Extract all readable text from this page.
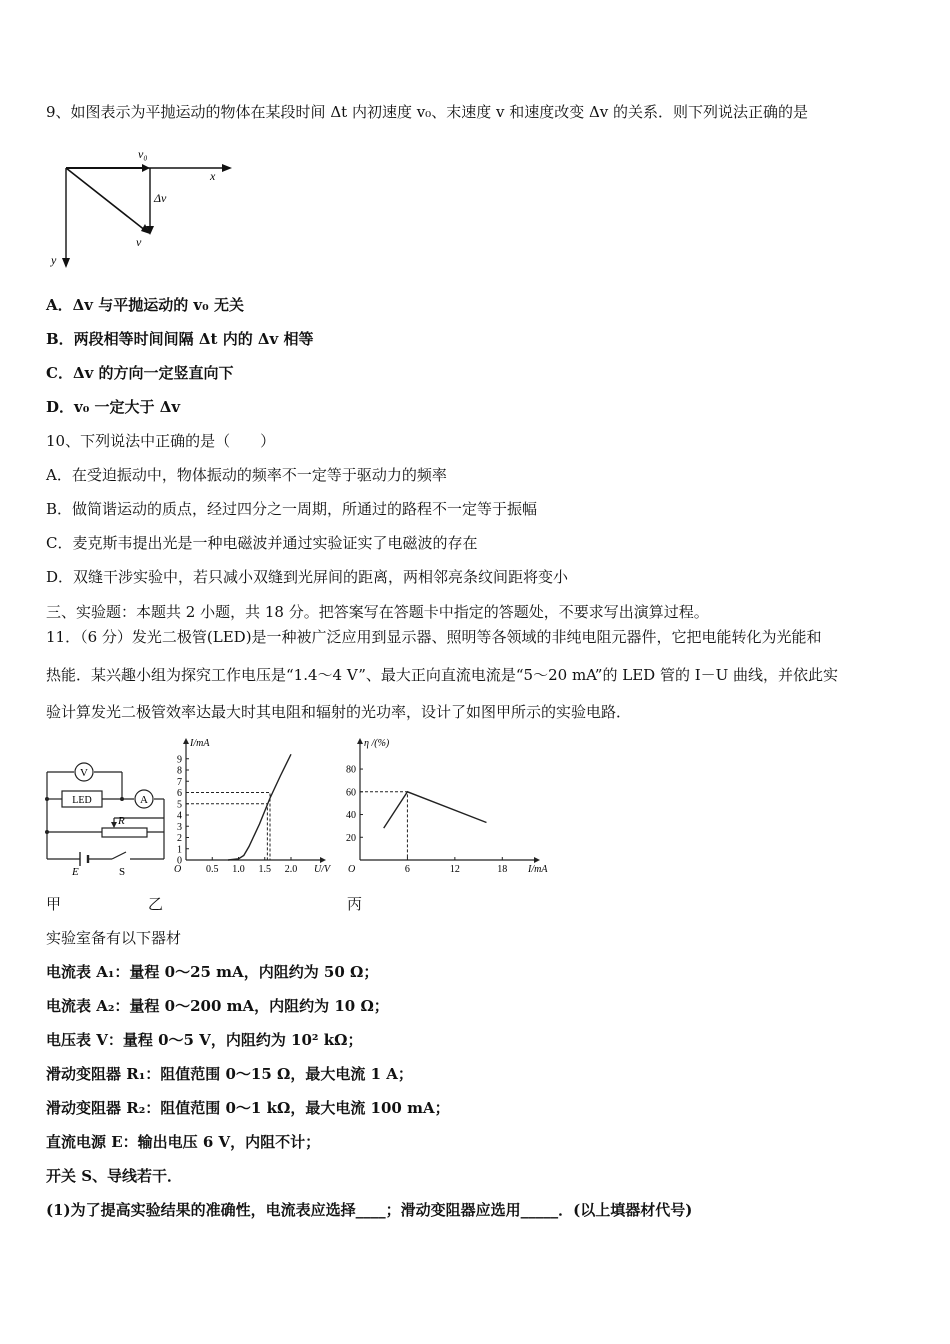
9、如图表示为平抛运动的物体在某段时间 Δt 内初速度 v₀、末速度 v 和速度改变 Δv 的关系．则下列说法正确的是
v₀
x
Δv
v
y
A．Δv 与平抛运动的 v₀ 无关
B．两段相等时间间隔 Δt 内的 Δv 相等
C．Δv 的方向一定竖直向下
D．v₀ 一定大于 Δv
10、下列说法中正确的是（　　）
A．在受迫振动中，物体振动的频率不一定等于驱动力的频率
B．做简谐运动的质点，经过四分之一周期，所通过的路程不一定等于振幅
C．麦克斯韦提出光是一种电磁波并通过实验证实了电磁波的存在
D．双缝干涉实验中，若只减小双缝到光屏间的距离，两相邻亮条纹间距将变小
三、实验题：本题共 2 小题，共 18 分。把答案写在答题卡中指定的答题处，不要求写出演算过程。
11．（6 分）发光二极管(LED)是一种被广泛应用到显示器、照明等各领域的非纯电阻元器件，它把电能转化为光能和
热能．某兴趣小组为探究工作电压是“1.4～4 V”、最大正向直流电流是“5～20 mA”的 LED 管的 I－U 曲线，并依此实
验计算发光二极管效率达最大时其电阻和辐射的光功率，设计了如图甲所示的实验电路．
V
LED	A
R
E	S	O	U/V
I/mA
0.5 1.0 1.5 2.0
0
1
2
3
4
5
6
7
8
9
O	I/mA
η /(%)
6	12	18
20
40
60
80
甲	乙	丙
实验室备有以下器材
电流表 A₁：量程 0～25 mA，内阻约为 50 Ω；
电流表 A₂：量程 0～200 mA，内阻约为 10 Ω；
电压表 V：量程 0～5 V，内阻约为 10² kΩ；
滑动变阻器 R₁：阻值范围 0～15 Ω，最大电流 1 A；
滑动变阻器 R₂：阻值范围 0～1 kΩ，最大电流 100 mA；
直流电源 E：输出电压 6 V，内阻不计；
开关 S、导线若干．
(1)为了提高实验结果的准确性，电流表应选择____；滑动变阻器应选用_____．(以上填器材代号)
